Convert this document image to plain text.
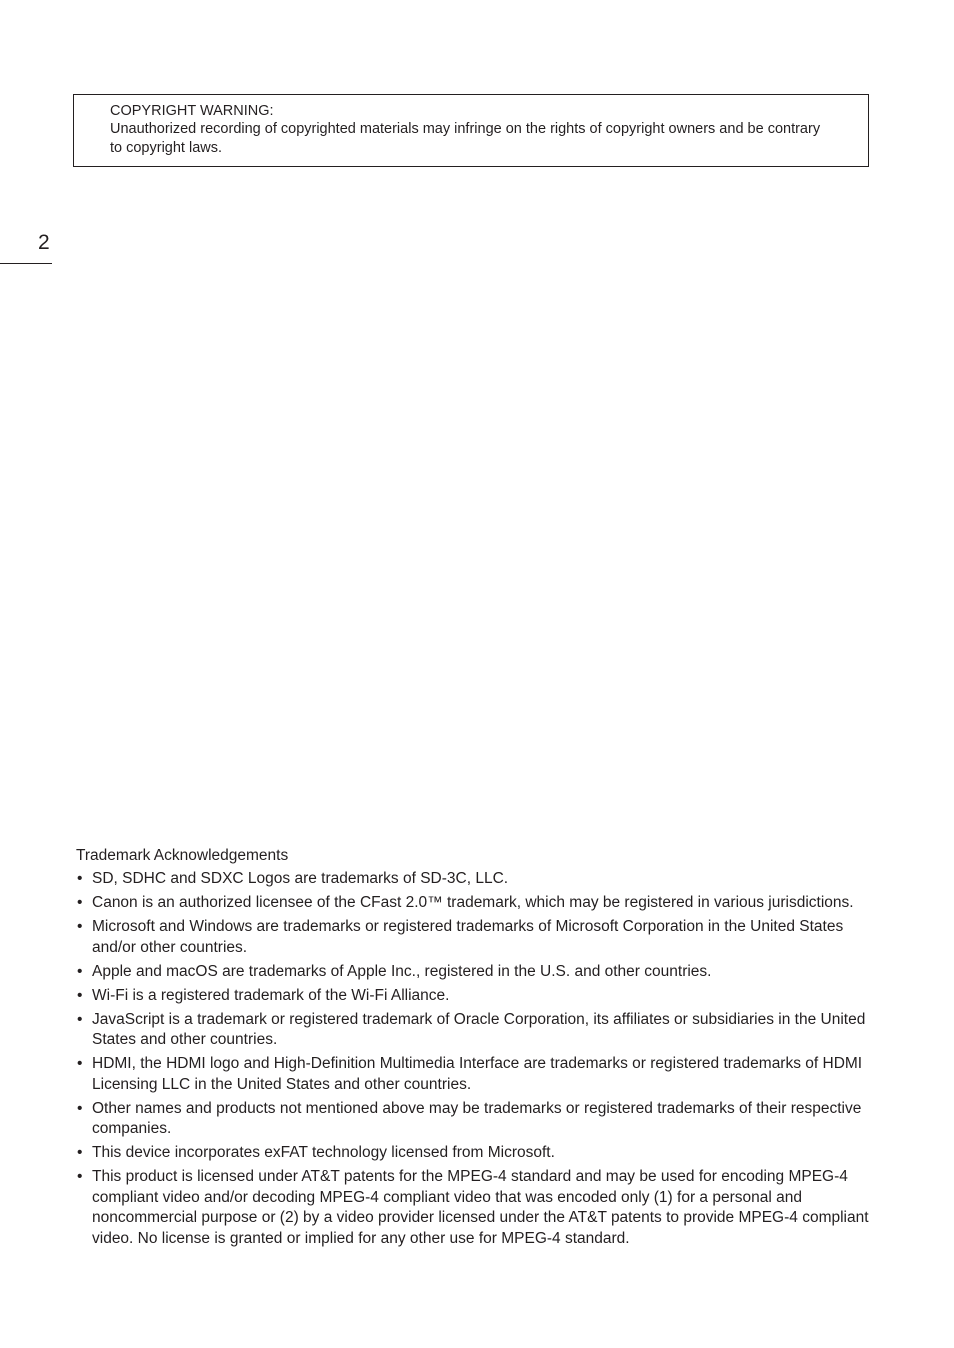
COPYRIGHT WARNING:
Unauthorized recording of copyrighted materials may infringe on the rights of copyright owners and be contrary to copyright laws.
2
Trademark Acknowledgements
• SD, SDHC and SDXC Logos are trademarks of SD-3C, LLC.
• Canon is an authorized licensee of the CFast 2.0™ trademark, which may be registered in various jurisdictions.
• Microsoft and Windows are trademarks or registered trademarks of Microsoft Corporation in the United States and/or other countries.
• Apple and macOS are trademarks of Apple Inc., registered in the U.S. and other countries.
• Wi-Fi is a registered trademark of the Wi-Fi Alliance.
• JavaScript is a trademark or registered trademark of Oracle Corporation, its affiliates or subsidiaries in the United States and other countries.
• HDMI, the HDMI logo and High-Definition Multimedia Interface are trademarks or registered trademarks of HDMI Licensing LLC in the United States and other countries.
• Other names and products not mentioned above may be trademarks or registered trademarks of their respective companies.
• This device incorporates exFAT technology licensed from Microsoft.
• This product is licensed under AT&T patents for the MPEG-4 standard and may be used for encoding MPEG-4 compliant video and/or decoding MPEG-4 compliant video that was encoded only (1) for a personal and noncommercial purpose or (2) by a video provider licensed under the AT&T patents to provide MPEG-4 compliant video. No license is granted or implied for any other use for MPEG-4 standard.
